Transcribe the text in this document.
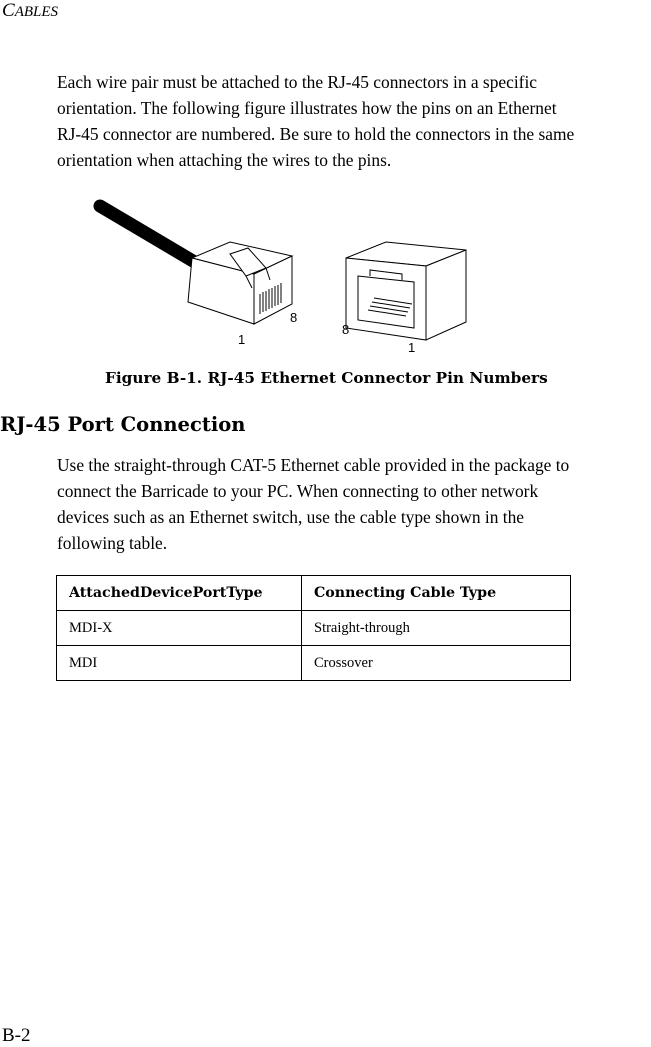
CABLES
Each wire pair must be attached to the RJ-45 connectors in a specific
orientation. The following figure illustrates how the pins on an Ethernet
RJ-45 connector are numbered. Be sure to hold the connectors in the same
orientation when attaching the wires to the pins.
1
8
8
1
Figure B-1. RJ-45 Ethernet Connector Pin Numbers
RJ-45 Port Connection
Use the straight-through CAT-5 Ethernet cable provided in the package to
connect the Barricade to your PC. When connecting to other network
devices such as an Ethernet switch, use the cable type shown in the
following table.
AttachedDevicePortType	Connecting Cable Type
MDI-X	Straight-through
MDI	Crossover
B-2
